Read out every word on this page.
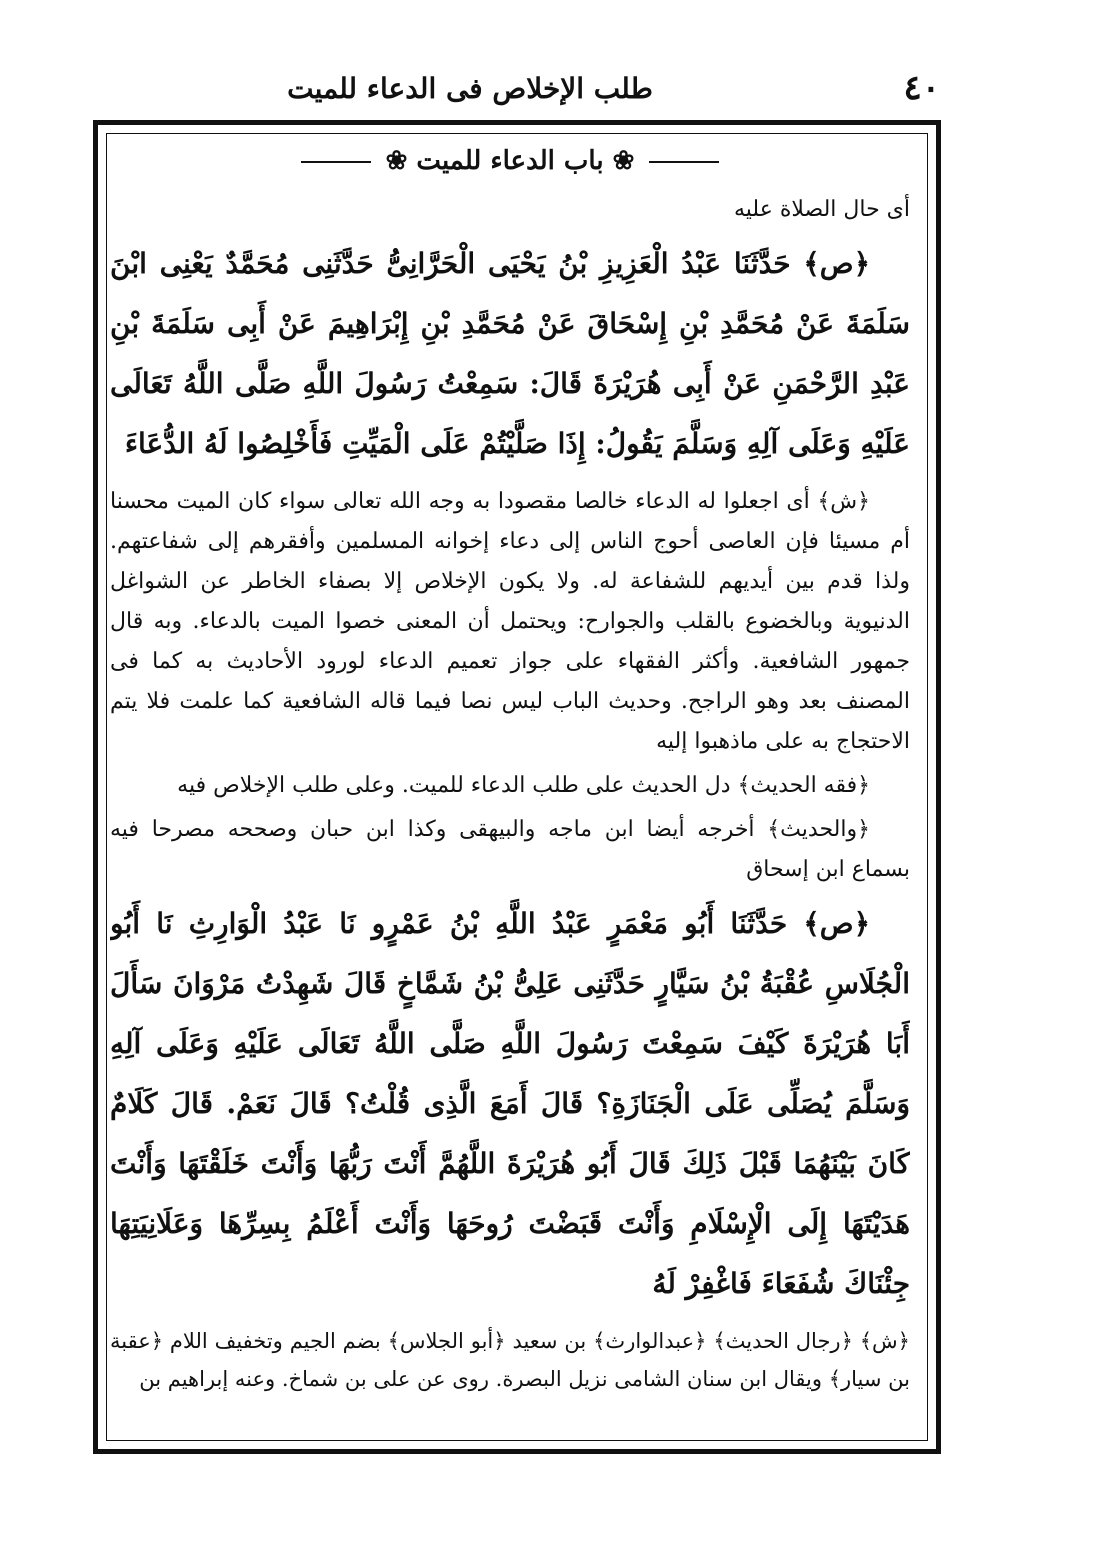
٤٠
طلب الإخلاص فى الدعاء للميت
❀ باب الدعاء للميت ❀

أى حال الصلاة عليه

﴿ص﴾ حَدَّثَنَا عَبْدُ الْعَزِيزِ بْنُ يَحْيَى الْحَرَّانِىُّ حَدَّثَنِى مُحَمَّدٌ يَعْنِى ابْنَ سَلَمَةَ عَنْ مُحَمَّدِ بْنِ إِسْحَاقَ عَنْ مُحَمَّدِ بْنِ إِبْرَاهِيمَ عَنْ أَبِى سَلَمَةَ بْنِ عَبْدِ الرَّحْمَنِ عَنْ أَبِى هُرَيْرَةَ قَالَ: سَمِعْتُ رَسُولَ اللَّهِ صَلَّى اللَّهُ تَعَالَى عَلَيْهِ وَعَلَى آلِهِ وَسَلَّمَ يَقُولُ: إِذَا صَلَّيْتُمْ عَلَى الْمَيِّتِ فَأَخْلِصُوا لَهُ الدُّعَاءَ

﴿ش﴾ أى اجعلوا له الدعاء خالصا مقصودا به وجه الله تعالى سواء كان الميت محسنا أم مسيئا فإن العاصى أحوج الناس إلى دعاء إخوانه المسلمين وأفقرهم إلى شفاعتهم. ولذا قدم بين أيديهم للشفاعة له. ولا يكون الإخلاص إلا بصفاء الخاطر عن الشواغل الدنيوية وبالخضوع بالقلب والجوارح: ويحتمل أن المعنى خصوا الميت بالدعاء. وبه قال جمهور الشافعية. وأكثر الفقهاء على جواز تعميم الدعاء لورود الأحاديث به كما فى المصنف بعد وهو الراجح. وحديث الباب ليس نصا فيما قاله الشافعية كما علمت فلا يتم الاحتجاج به على ماذهبوا إليه

﴿فقه الحديث﴾ دل الحديث على طلب الدعاء للميت. وعلى طلب الإخلاص فيه

﴿والحديث﴾ أخرجه أيضا ابن ماجه والبيهقى وكذا ابن حبان وصححه مصرحا فيه بسماع ابن إسحاق

﴿ص﴾ حَدَّثَنَا أَبُو مَعْمَرٍ عَبْدُ اللَّهِ بْنُ عَمْرٍو نَا عَبْدُ الْوَارِثِ نَا أَبُو الْجُلَاسِ عُقْبَةُ بْنُ سَيَّارٍ حَدَّثَنِى عَلِىُّ بْنُ شَمَّاخٍ قَالَ شَهِدْتُ مَرْوَانَ سَأَلَ أَبَا هُرَيْرَةَ كَيْفَ سَمِعْتَ رَسُولَ اللَّهِ صَلَّى اللَّهُ تَعَالَى عَلَيْهِ وَعَلَى آلِهِ وَسَلَّمَ يُصَلِّى عَلَى الْجَنَازَةِ؟ قَالَ أَمَعَ الَّذِى قُلْتُ؟ قَالَ نَعَمْ. قَالَ كَلَامٌ كَانَ بَيْنَهُمَا قَبْلَ ذَلِكَ قَالَ أَبُو هُرَيْرَةَ اللَّهُمَّ أَنْتَ رَبُّهَا وَأَنْتَ خَلَقْتَهَا وَأَنْتَ هَدَيْتَهَا إِلَى الْإِسْلَامِ وَأَنْتَ قَبَضْتَ رُوحَهَا وَأَنْتَ أَعْلَمُ بِسِرِّهَا وَعَلَانِيَتِهَا جِئْنَاكَ شُفَعَاءَ فَاغْفِرْ لَهُ

﴿ش﴾ ﴿رجال الحديث﴾ ﴿عبدالوارث﴾ بن سعيد ﴿أبو الجلاس﴾ بضم الجيم وتخفيف اللام ﴿عقبة بن سيار﴾ ويقال ابن سنان الشامى نزيل البصرة. روى عن على بن شماخ. وعنه إبراهيم بن
